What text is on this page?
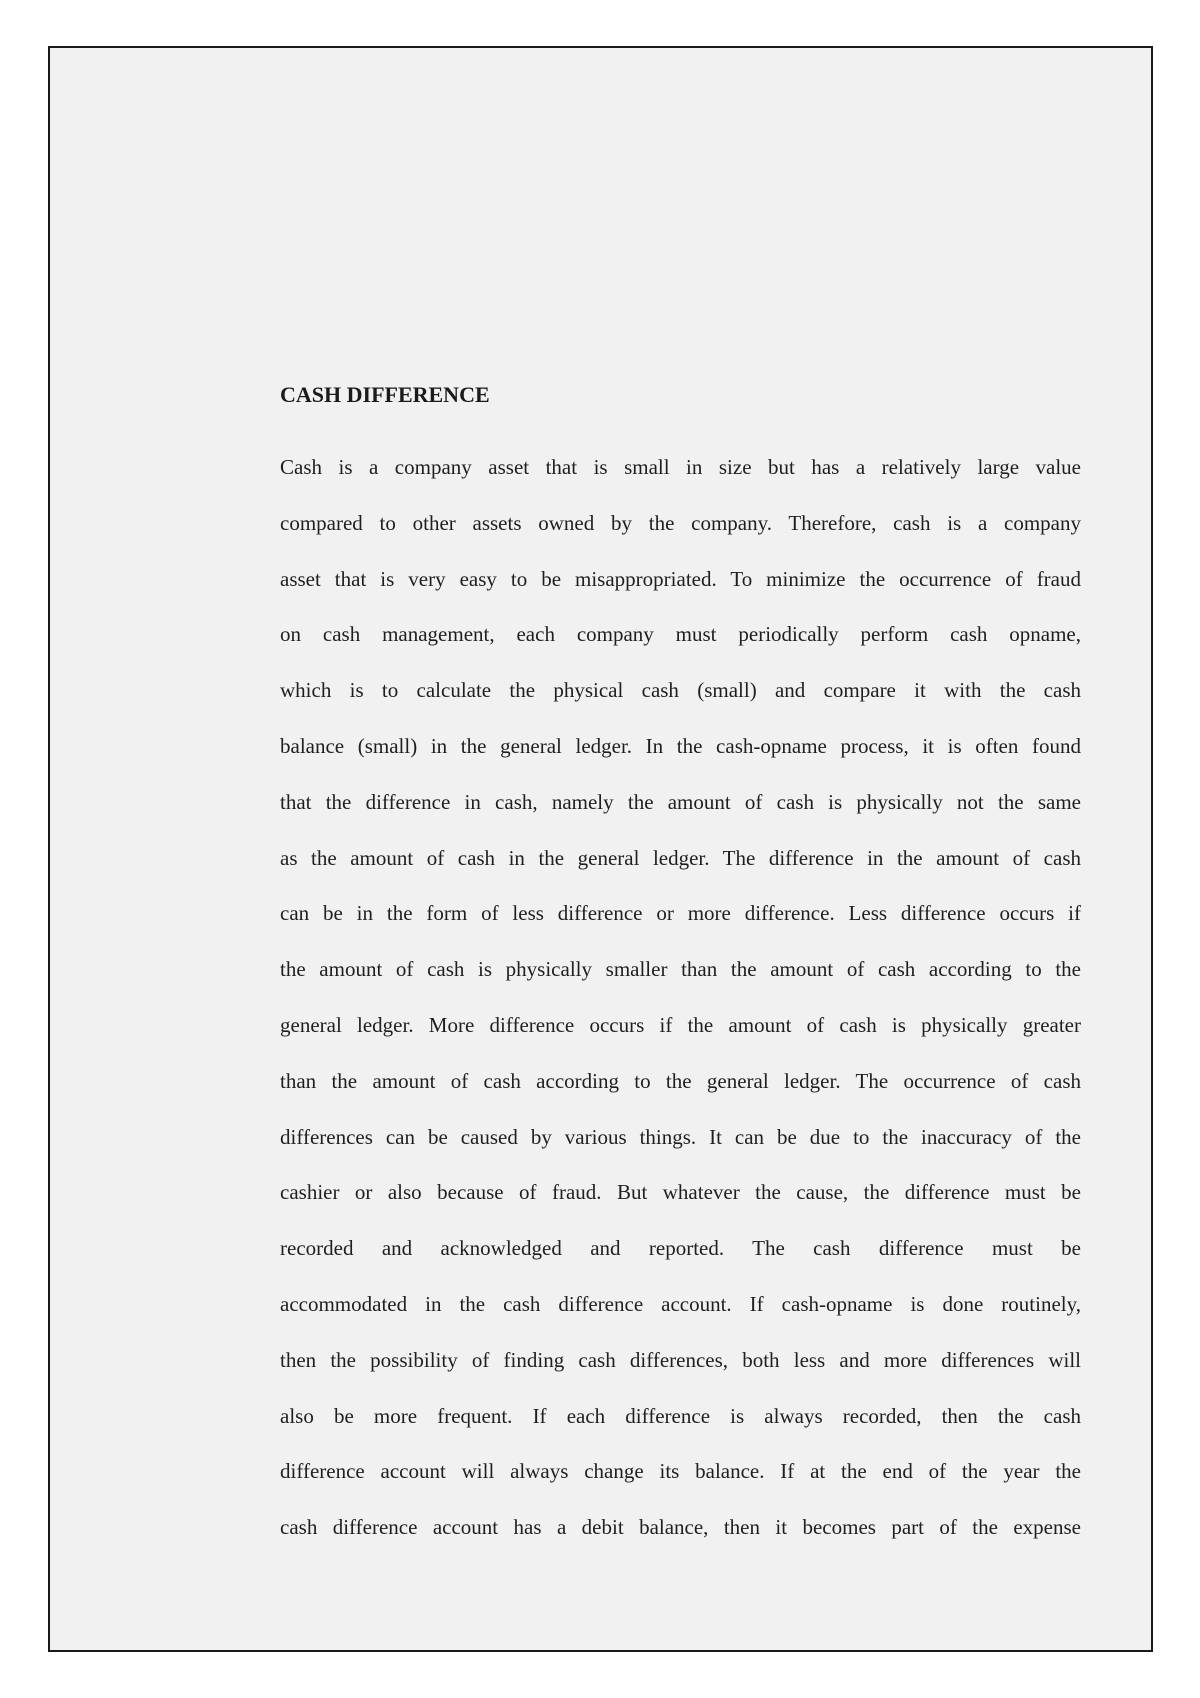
CASH DIFFERENCE
Cash is a company asset that is small in size but has a relatively large value
compared to other assets owned by the company. Therefore, cash is a company
asset that is very easy to be misappropriated. To minimize the occurrence of fraud
on cash management, each company must periodically perform cash opname,
which is to calculate the physical cash (small) and compare it with the cash
balance (small) in the general ledger. In the cash-opname process, it is often found
that the difference in cash, namely the amount of cash is physically not the same
as the amount of cash in the general ledger. The difference in the amount of cash
can be in the form of less difference or more difference. Less difference occurs if
the amount of cash is physically smaller than the amount of cash according to the
general ledger. More difference occurs if the amount of cash is physically greater
than the amount of cash according to the general ledger. The occurrence of cash
differences can be caused by various things. It can be due to the inaccuracy of the
cashier or also because of fraud. But whatever the cause, the difference must be
recorded and acknowledged and reported. The cash difference must be
accommodated in the cash difference account. If cash-opname is done routinely,
then the possibility of finding cash differences, both less and more differences will
also be more frequent. If each difference is always recorded, then the cash
difference account will always change its balance. If at the end of the year the
cash difference account has a debit balance, then it becomes part of the expense
